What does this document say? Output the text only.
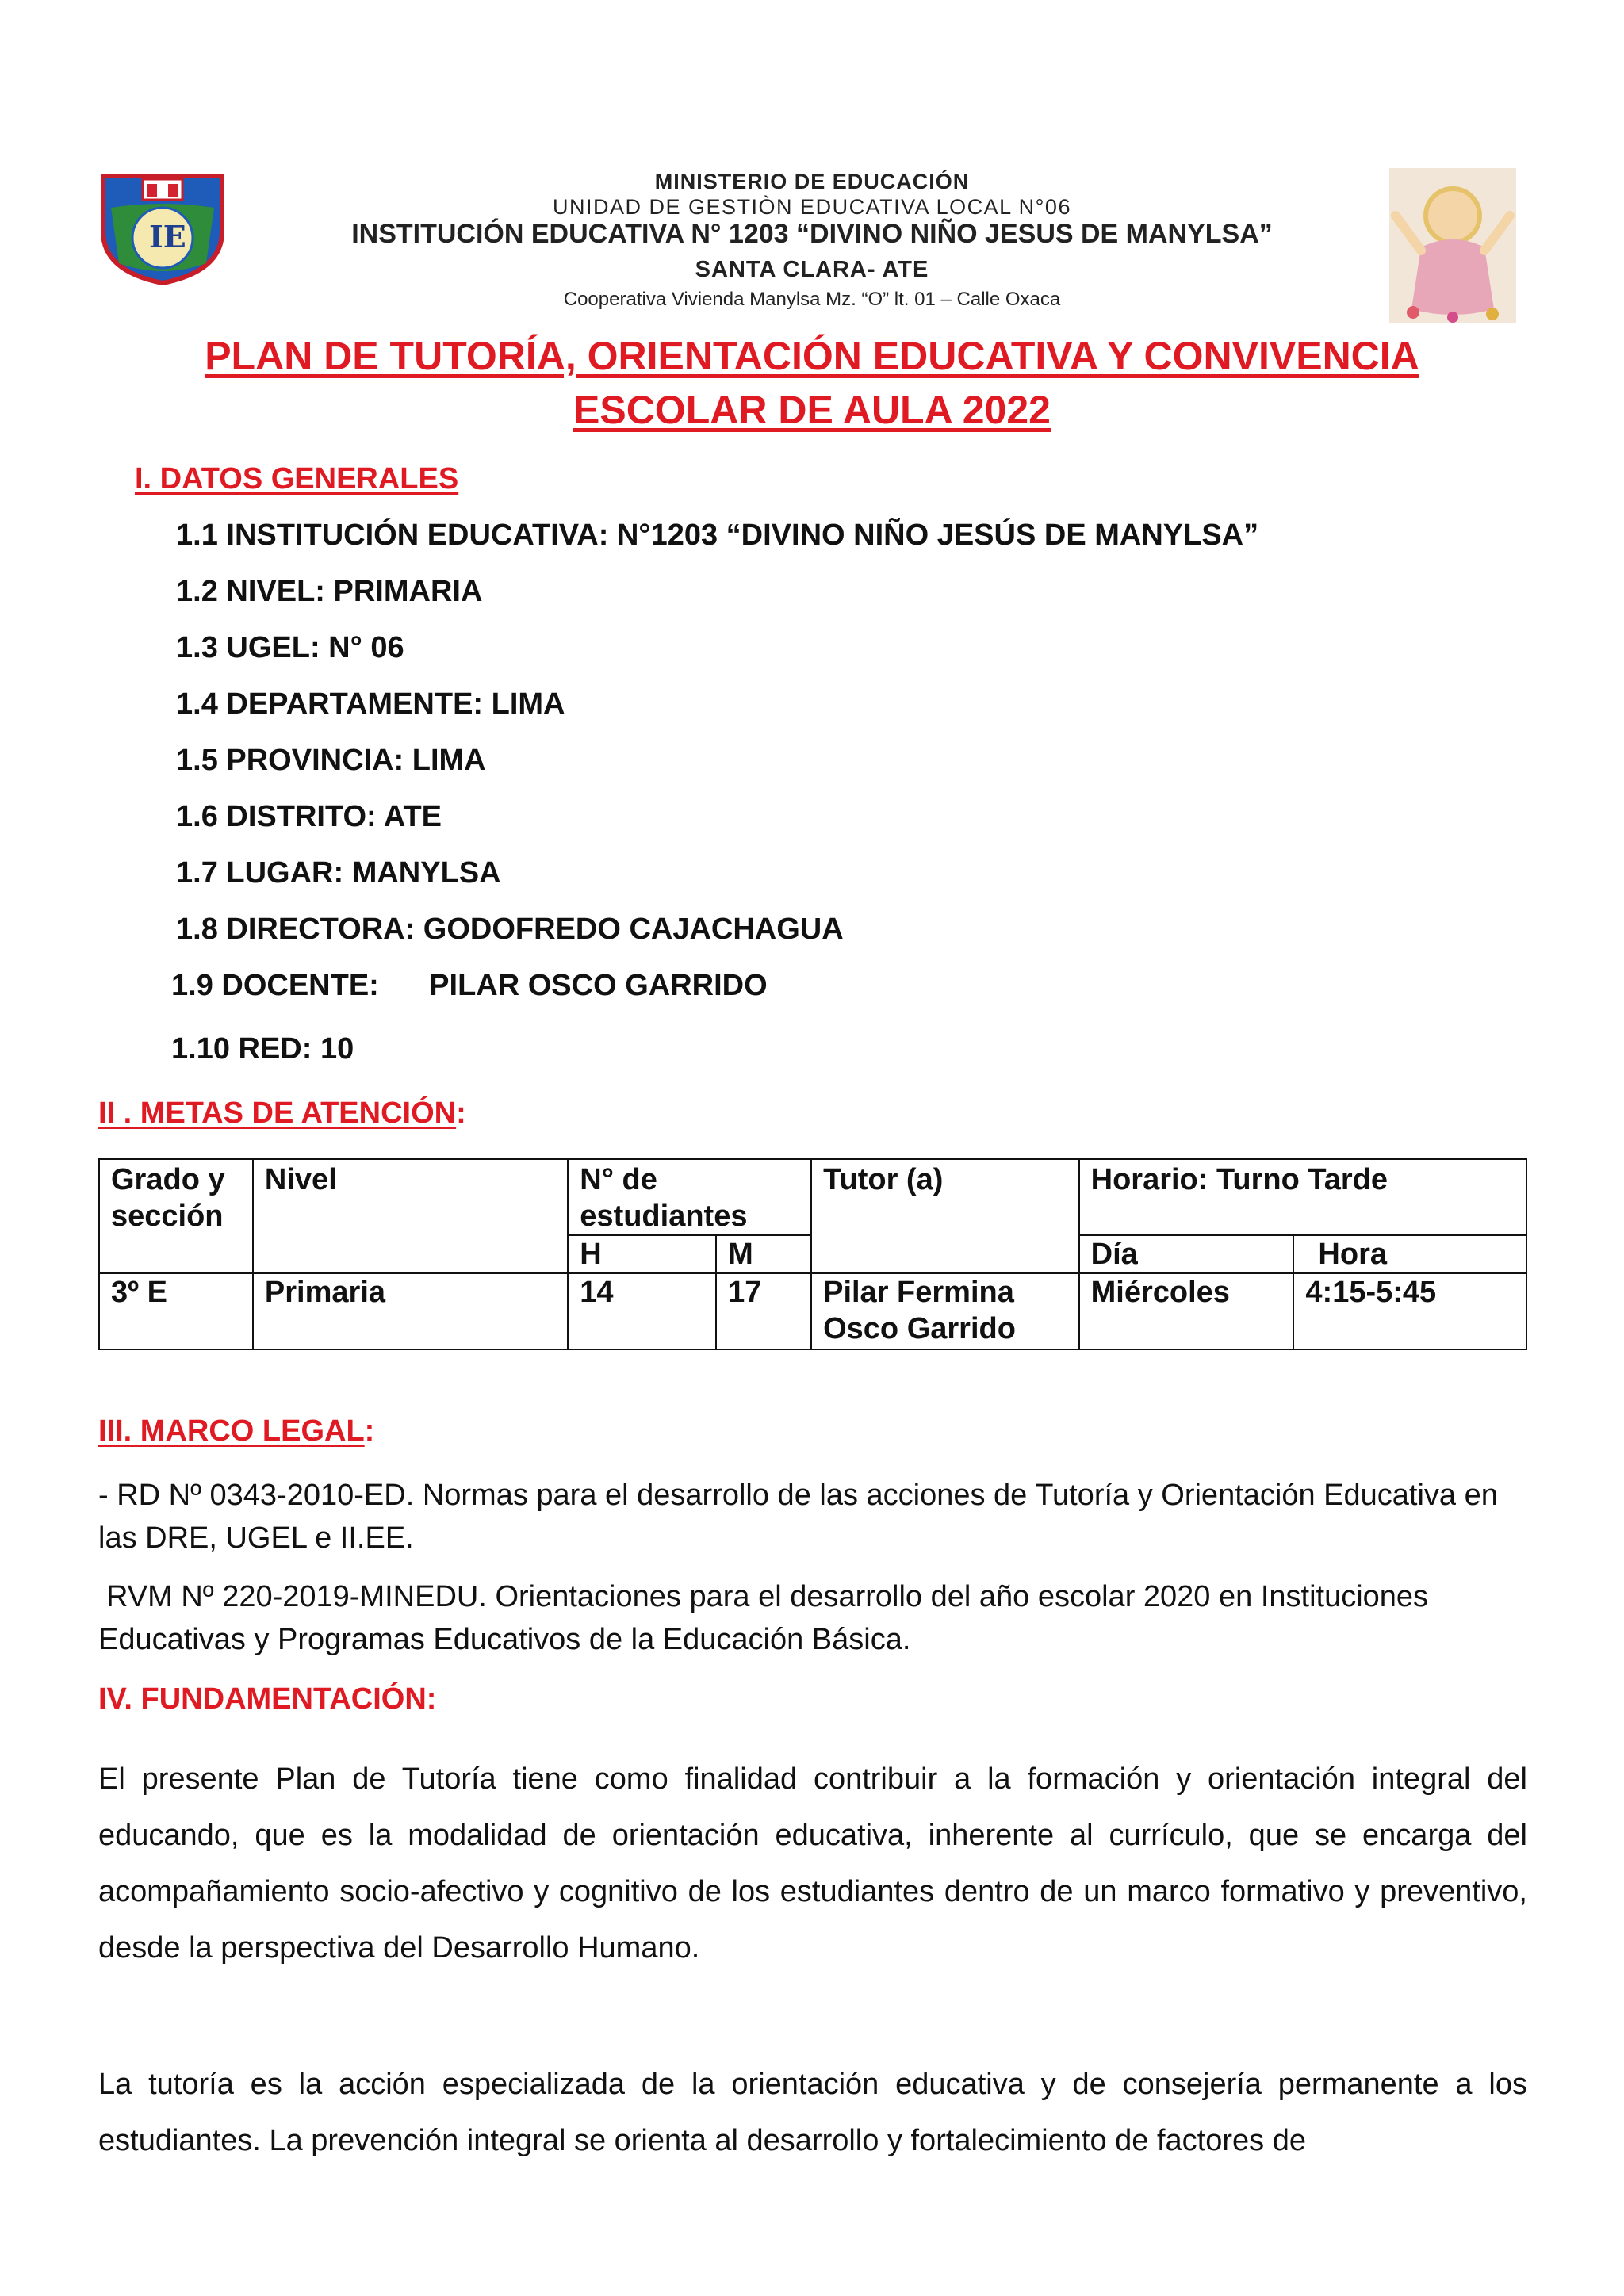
IE
MINISTERIO DE EDUCACIÓN
UNIDAD DE GESTIÒN EDUCATIVA LOCAL N°06
INSTITUCIÓN EDUCATIVA N° 1203 “DIVINO NIÑO JESUS DE MANYLSA”
SANTA CLARA- ATE
Cooperativa Vivienda Manylsa Mz. “O” lt. 01 – Calle Oxaca
PLAN DE TUTORÍA, ORIENTACIÓN EDUCATIVA Y CONVIVENCIA
ESCOLAR DE AULA 2022
I. DATOS GENERALES
1.1 INSTITUCIÓN EDUCATIVA: N°1203 “DIVINO NIÑO JESÚS DE MANYLSA”
1.2 NIVEL: PRIMARIA
1.3 UGEL: N° 06
1.4 DEPARTAMENTE: LIMA
1.5 PROVINCIA: LIMA
1.6 DISTRITO: ATE
1.7 LUGAR: MANYLSA
1.8 DIRECTORA: GODOFREDO CAJACHAGUA
1.9 DOCENTE:      PILAR OSCO GARRIDO
1.10 RED: 10
II . METAS DE ATENCIÓN:
Grado y sección	Nivel	N° de estudiantes		Tutor (a)	Horario: Turno Tarde	
		H	M		Día	Hora
3º E	Primaria	14	17	Pilar Fermina Osco Garrido	Miércoles	4:15-5:45
III. MARCO LEGAL:
- RD Nº 0343-2010-ED. Normas para el desarrollo de las acciones de Tutoría y Orientación Educativa en las DRE, UGEL e II.EE.
RVM Nº 220-2019-MINEDU. Orientaciones para el desarrollo del año escolar 2020 en Instituciones Educativas y Programas Educativos de la Educación Básica.
IV. FUNDAMENTACIÓN:
El presente Plan de Tutoría tiene como finalidad contribuir a la formación y orientación integral del educando, que es la modalidad de orientación educativa, inherente al currículo, que se encarga del acompañamiento socio-afectivo y cognitivo de los estudiantes dentro de un marco formativo y preventivo, desde la perspectiva del Desarrollo Humano.
La tutoría es la acción especializada de la orientación educativa y de consejería permanente a los estudiantes. La prevención integral se orienta al desarrollo y fortalecimiento de factores de
